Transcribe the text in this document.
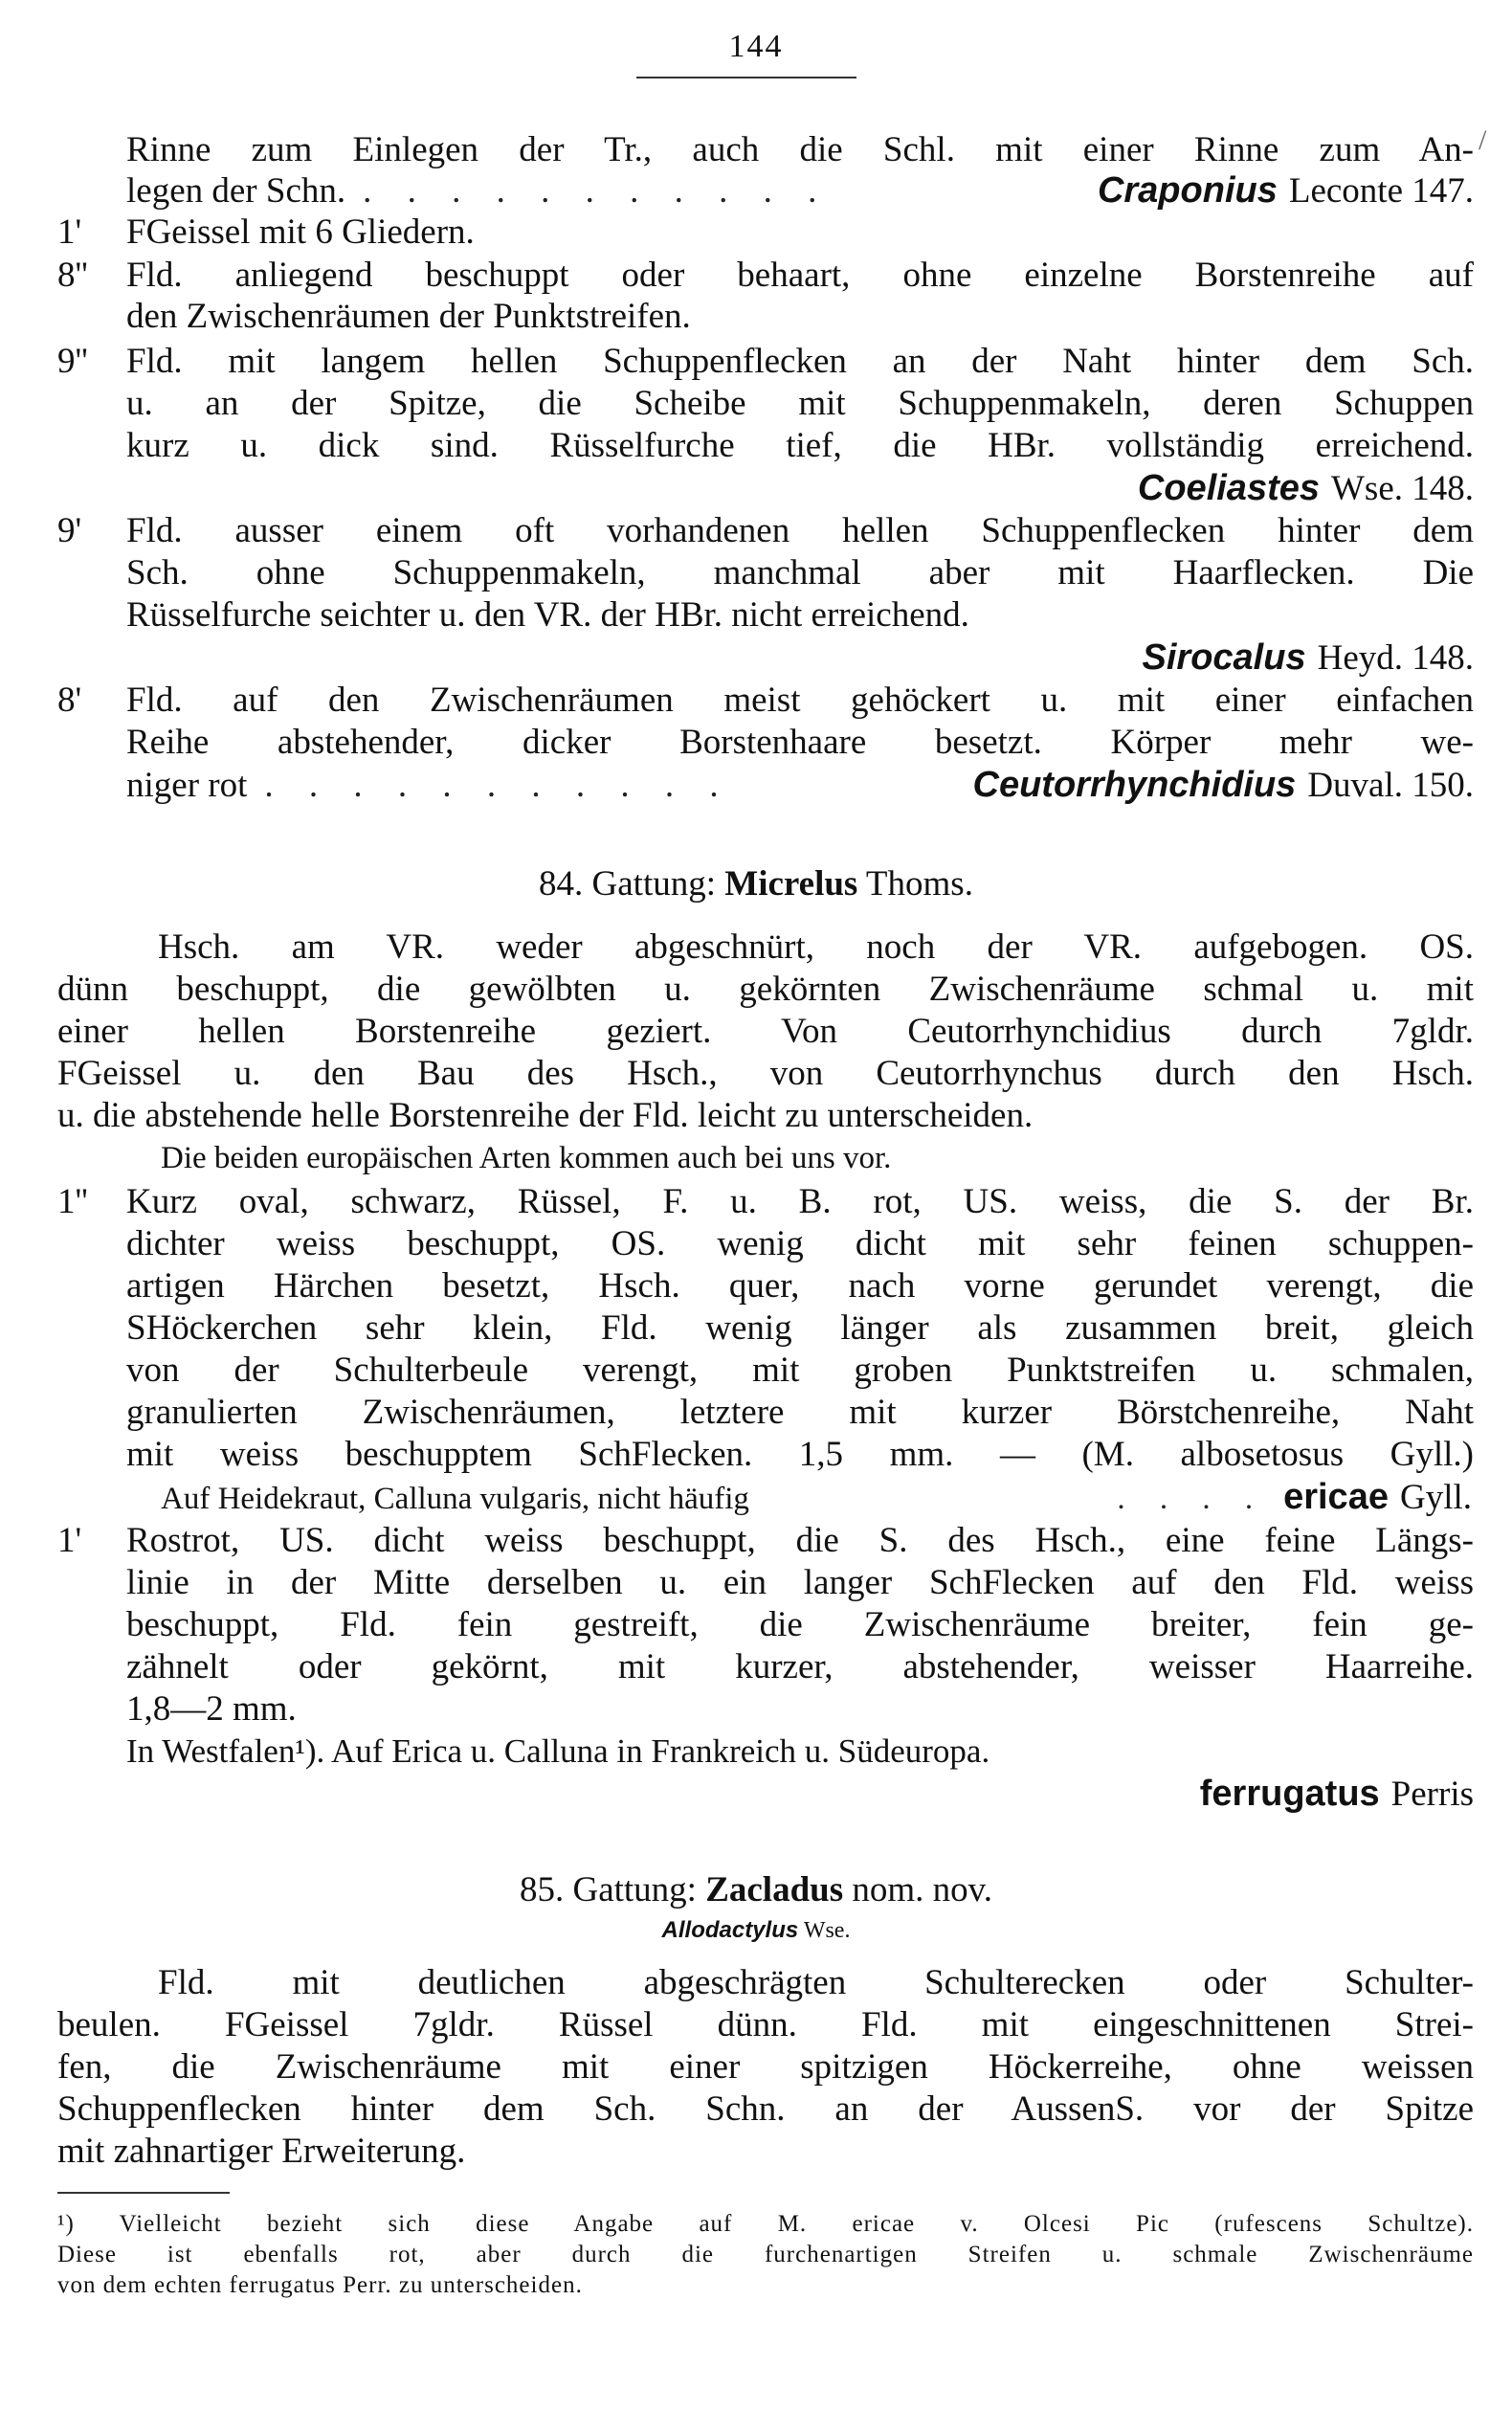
144
/
Rinne zum Einlegen der Tr., auch die Schl. mit einer Rinne zum An-
legen der Schn. . . . . . . . . . . .	Craponius Leconte 147.
1'	FGeissel mit 6 Gliedern.
8''	Fld. anliegend beschuppt oder behaart, ohne einzelne Borstenreihe auf
den Zwischenräumen der Punktstreifen.
9''	Fld. mit langem hellen Schuppenflecken an der Naht hinter dem Sch.
u. an der Spitze, die Scheibe mit Schuppenmakeln, deren Schuppen
kurz u. dick sind. Rüsselfurche tief, die HBr. vollständig erreichend.
Coeliastes Wse. 148.
9'	Fld. ausser einem oft vorhandenen hellen Schuppenflecken hinter dem
Sch. ohne Schuppenmakeln, manchmal aber mit Haarflecken. Die
Rüsselfurche seichter u. den VR. der HBr. nicht erreichend.
Sirocalus Heyd. 148.
8'	Fld. auf den Zwischenräumen meist gehöckert u. mit einer einfachen
Reihe abstehender, dicker Borstenhaare besetzt. Körper mehr we-
niger rot . . . . . . . . . . .	Ceutorrhynchidius Duval. 150.
84. Gattung: Micrelus Thoms.
Hsch. am VR. weder abgeschnürt, noch der VR. aufgebogen. OS.
dünn beschuppt, die gewölbten u. gekörnten Zwischenräume schmal u. mit
einer hellen Borstenreihe geziert. Von Ceutorrhynchidius durch 7gldr.
FGeissel u. den Bau des Hsch., von Ceutorrhynchus durch den Hsch.
u. die abstehende helle Borstenreihe der Fld. leicht zu unterscheiden.
Die beiden europäischen Arten kommen auch bei uns vor.
1''	Kurz oval, schwarz, Rüssel, F. u. B. rot, US. weiss, die S. der Br.
dichter weiss beschuppt, OS. wenig dicht mit sehr feinen schuppen-
artigen Härchen besetzt, Hsch. quer, nach vorne gerundet verengt, die
SHöckerchen sehr klein, Fld. wenig länger als zusammen breit, gleich
von der Schulterbeule verengt, mit groben Punktstreifen u. schmalen,
granulierten Zwischenräumen, letztere mit kurzer Börstchenreihe, Naht
mit weiss beschupptem SchFlecken. 1,5 mm. — (M. albosetosus Gyll.)
Auf Heidekraut, Calluna vulgaris, nicht häufig	. . . . ericae Gyll.
1'	Rostrot, US. dicht weiss beschuppt, die S. des Hsch., eine feine Längs-
linie in der Mitte derselben u. ein langer SchFlecken auf den Fld. weiss
beschuppt, Fld. fein gestreift, die Zwischenräume breiter, fein ge-
zähnelt oder gekörnt, mit kurzer, abstehender, weisser Haarreihe.
1,8—2 mm.
In Westfalen¹). Auf Erica u. Calluna in Frankreich u. Südeuropa.
ferrugatus Perris
85. Gattung: Zacladus nom. nov.
Allodactylus Wse.
Fld. mit deutlichen abgeschrägten Schulterecken oder Schulter-
beulen. FGeissel 7gldr. Rüssel dünn. Fld. mit eingeschnittenen Strei-
fen, die Zwischenräume mit einer spitzigen Höckerreihe, ohne weissen
Schuppenflecken hinter dem Sch. Schn. an der AussenS. vor der Spitze
mit zahnartiger Erweiterung.
¹) Vielleicht bezieht sich diese Angabe auf M. ericae v. Olcesi Pic (rufescens Schultze).
Diese ist ebenfalls rot, aber durch die furchenartigen Streifen u. schmale Zwischenräume
von dem echten ferrugatus Perr. zu unterscheiden.
